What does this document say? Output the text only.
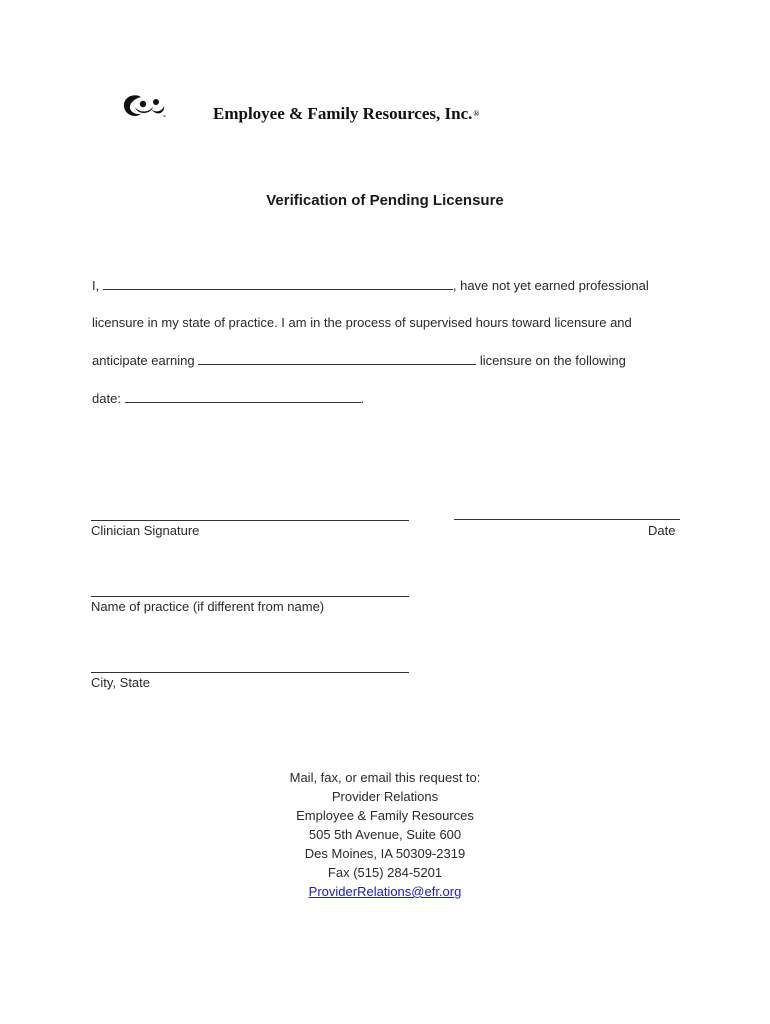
™	Employee & Family Resources, Inc.®
Verification of Pending Licensure
I,	, have not yet earned professional
licensure in my state of practice. I am in the process of supervised hours toward licensure and
anticipate earning	licensure on the following
date:	.
Clinician Signature	Date
Name of practice (if different from name)
City, State
Mail, fax, or email this request to:
Provider Relations
Employee & Family Resources
505 5th Avenue, Suite 600
Des Moines, IA 50309-2319
Fax (515) 284-5201
ProviderRelations@efr.org
